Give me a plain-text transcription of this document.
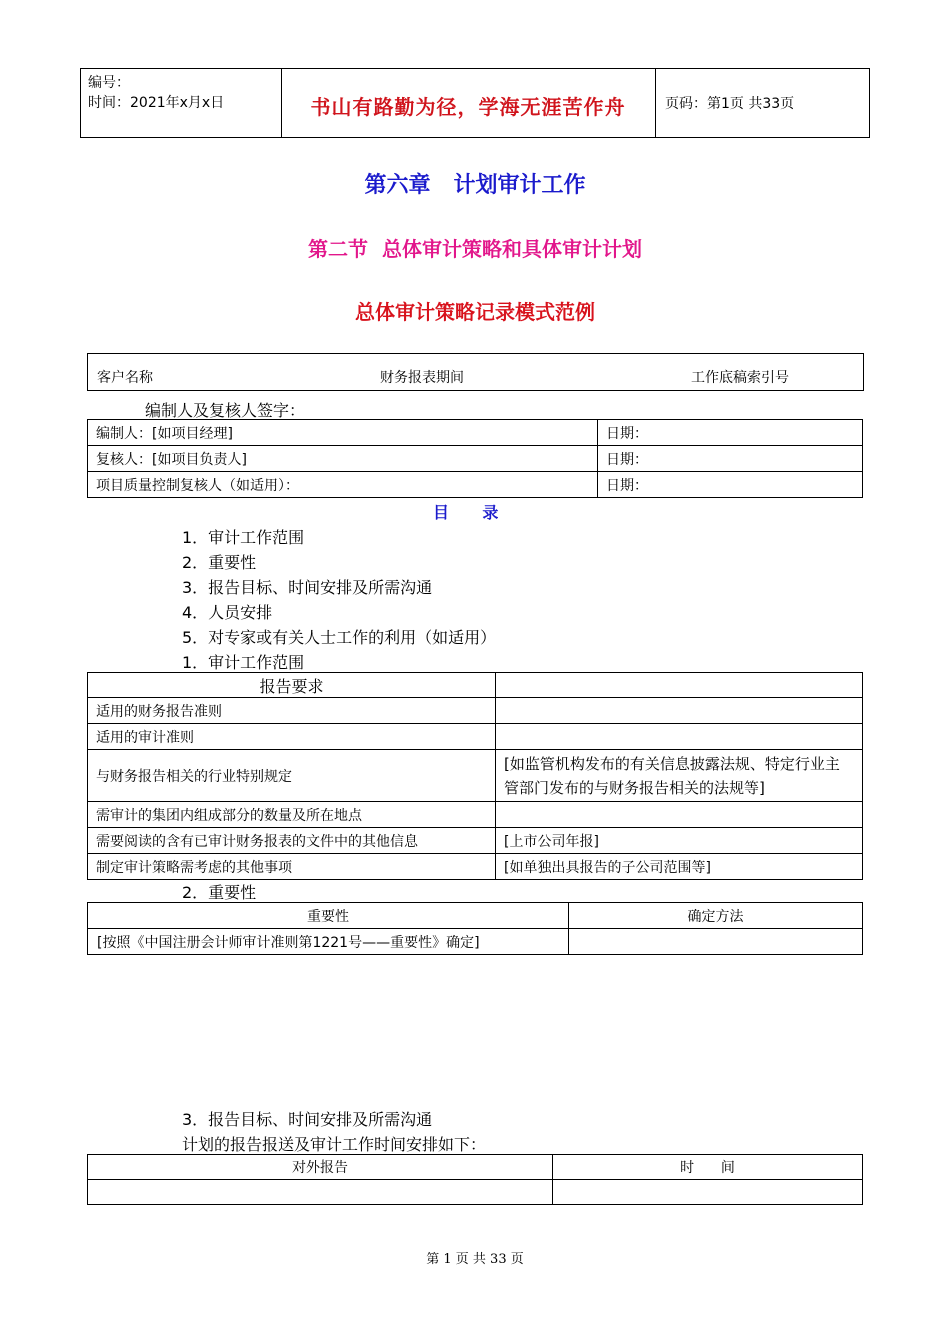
编号：
时间：2021年x月x日	书山有路勤为径，学海无涯苦作舟	页码：第1页 共33页
第六章   计划审计工作
第二节  总体审计策略和具体审计计划
总体审计策略记录模式范例
客户名称	财务报表期间	工作底稿索引号
编制人及复核人签字：
编制人：[如项目经理]	日期：
复核人：[如项目负责人]	日期：
项目质量控制复核人（如适用）：	日期：
目      录
1．审计工作范围
2．重要性
3．报告目标、时间安排及所需沟通
4．人员安排
5．对专家或有关人士工作的利用（如适用）
1．审计工作范围
报告要求	
适用的财务报告准则	
适用的审计准则	
与财务报告相关的行业特别规定	[如监管机构发布的有关信息披露法规、特定行业主管部门发布的与财务报告相关的法规等]
需审计的集团内组成部分的数量及所在地点	
需要阅读的含有已审计财务报表的文件中的其他信息	[上市公司年报]
制定审计策略需考虑的其他事项	[如单独出具报告的子公司范围等]
2．重要性
重要性	确定方法
[按照《中国注册会计师审计准则第1221号——重要性》确定]	
3．报告目标、时间安排及所需沟通
计划的报告报送及审计工作时间安排如下：
对外报告	时      间

第 1 页 共 33 页
